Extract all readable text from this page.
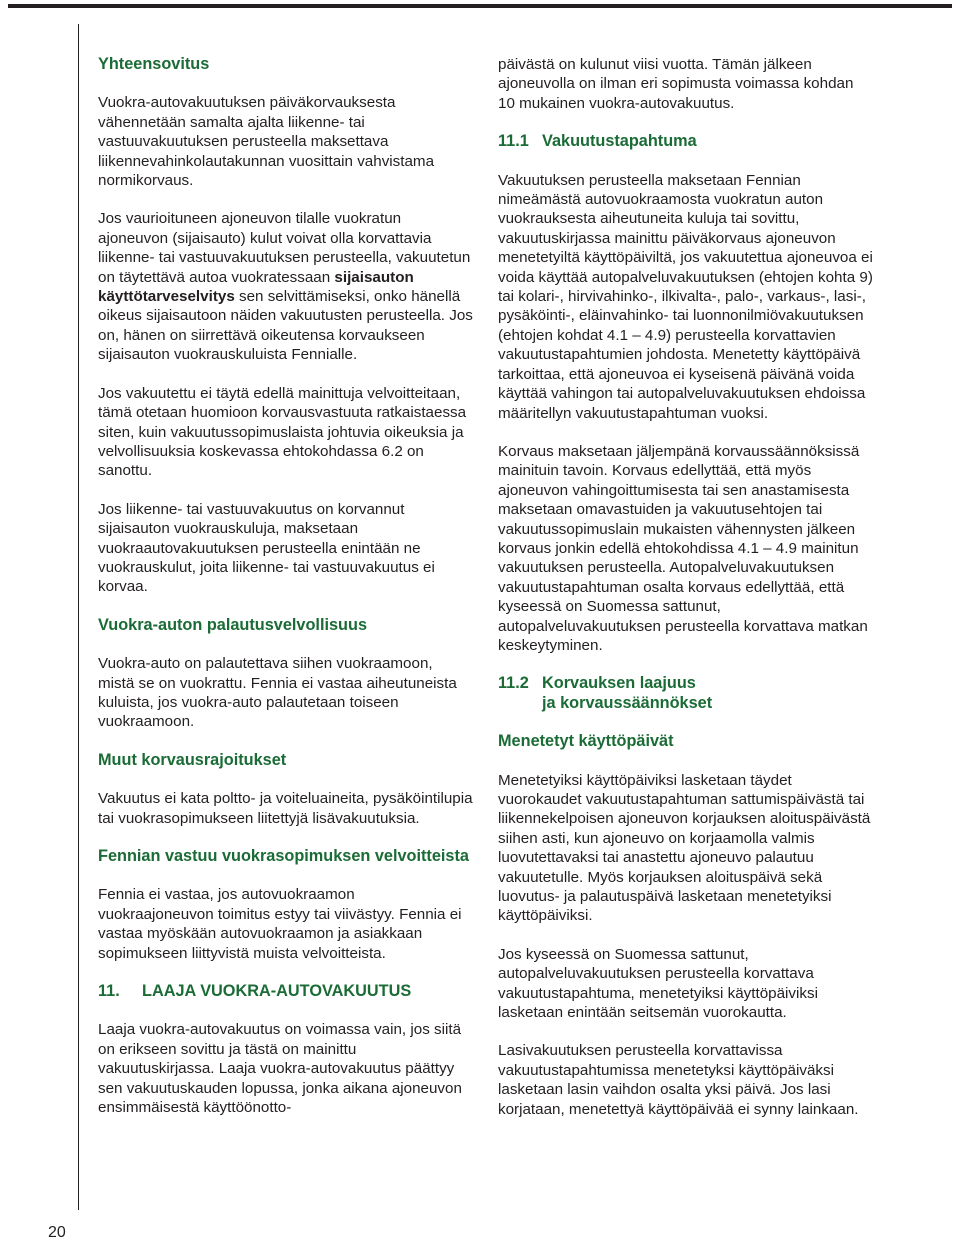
20
Yhteensovitus

Vuokra-autovakuutuksen päiväkorvauksesta vähennetään samalta ajalta liikenne- tai vastuuvakuutuksen perusteella maksettava liikennevahinkolautakunnan vuosittain vahvistama normikorvaus.

Jos vaurioituneen ajoneuvon tilalle vuokratun ajoneuvon (sijaisauto) kulut voivat olla korvattavia liikenne- tai vastuuvakuutuksen perusteella, vakuutetun on täytettävä autoa vuokratessaan sijaisauton käyttötarveselvitys sen selvittämiseksi, onko hänellä oikeus sijaisautoon näiden vakuutusten perusteella. Jos on, hänen on siirrettävä oikeutensa korvaukseen sijaisauton vuokrauskuluista Fennialle.

Jos vakuutettu ei täytä edellä mainittuja velvoitteitaan, tämä otetaan huomioon korvausvastuuta ratkaistaessa siten, kuin vakuutussopimuslaista johtuvia oikeuksia ja velvollisuuksia koskevassa ehtokohdassa 6.2 on sanottu.

Jos liikenne- tai vastuuvakuutus on korvannut sijaisauton vuokrauskuluja, maksetaan vuokraautovakuutuksen perusteella enintään ne vuokrauskulut, joita liikenne- tai vastuuvakuutus ei korvaa.

Vuokra-auton palautusvelvollisuus

Vuokra-auto on palautettava siihen vuokraamoon, mistä se on vuokrattu. Fennia ei vastaa aiheutuneista kuluista, jos vuokra-auto palautetaan toiseen vuokraamoon.

Muut korvausrajoitukset

Vakuutus ei kata poltto- ja voiteluaineita, pysäköintilupia tai vuokrasopimukseen liitettyjä lisävakuutuksia.

Fennian vastuu vuokrasopimuksen velvoitteista

Fennia ei vastaa, jos autovuokraamon vuokraajoneuvon toimitus estyy tai viivästyy. Fennia ei vastaa myöskään autovuokraamon ja asiakkaan sopimukseen liittyvistä muista velvoitteista.

11. LAAJA VUOKRA-AUTOVAKUUTUS

Laaja vuokra-autovakuutus on voimassa vain, jos siitä on erikseen sovittu ja tästä on mainittu vakuutuskirjassa. Laaja vuokra-autovakuutus päättyy sen vakuutuskauden lopussa, jonka aikana ajoneuvon ensimmäisestä käyttöönotto-

päivästä on kulunut viisi vuotta. Tämän jälkeen ajoneuvolla on ilman eri sopimusta voimassa kohdan 10 mukainen vuokra-autovakuutus.

11.1 Vakuutustapahtuma

Vakuutuksen perusteella maksetaan Fennian nimeämästä autovuokraamosta vuokratun auton vuokrauksesta aiheutuneita kuluja tai sovittu, vakuutuskirjassa mainittu päiväkorvaus ajoneuvon menetetyiltä käyttöpäiviltä, jos vakuutettua ajoneuvoa ei voida käyttää autopalveluvakuutuksen (ehtojen kohta 9) tai kolari-, hirvivahinko-, ilkivalta-, palo-, varkaus-, lasi-, pysäköinti-, eläinvahinko- tai luonnonilmiövakuutuksen (ehtojen kohdat 4.1 – 4.9) perusteella korvattavien vakuutustapahtumien johdosta. Menetetty käyttöpäivä tarkoittaa, että ajoneuvoa ei kyseisenä päivänä voida käyttää vahingon tai autopalveluvakuutuksen ehdoissa määritellyn vakuutustapahtuman vuoksi.

Korvaus maksetaan jäljempänä korvaussäännöksissä mainituin tavoin. Korvaus edellyttää, että myös ajoneuvon vahingoittumisesta tai sen anastamisesta maksetaan omavastuiden ja vakuutusehtojen tai vakuutussopimuslain mukaisten vähennysten jälkeen korvaus jonkin edellä ehtokohdissa 4.1 – 4.9 mainitun vakuutuksen perusteella. Autopalveluvakuutuksen vakuutustapahtuman osalta korvaus edellyttää, että kyseessä on Suomessa sattunut, autopalveluvakuutuksen perusteella korvattava matkan keskeytyminen.

11.2 Korvauksen laajuus
ja korvaussäännökset
Menetetyt käyttöpäivät

Menetetyiksi käyttöpäiviksi lasketaan täydet vuorokaudet vakuutustapahtuman sattumispäivästä tai liikennekelpoisen ajoneuvon korjauksen aloituspäivästä siihen asti, kun ajoneuvo on korjaamolla valmis luovutettavaksi tai anastettu ajoneuvo palautuu vakuutetulle. Myös korjauksen aloituspäivä sekä luovutus- ja palautuspäivä lasketaan menetetyiksi käyttöpäiviksi.

Jos kyseessä on Suomessa sattunut, autopalveluvakuutuksen perusteella korvattava vakuutustapahtuma, menetetyiksi käyttöpäiviksi lasketaan enintään seitsemän vuorokautta.

Lasivakuutuksen perusteella korvattavissa vakuutustapahtumissa menetetyksi käyttöpäiväksi lasketaan lasin vaihdon osalta yksi päivä. Jos lasi korjataan, menetettyä käyttöpäivää ei synny lainkaan.
